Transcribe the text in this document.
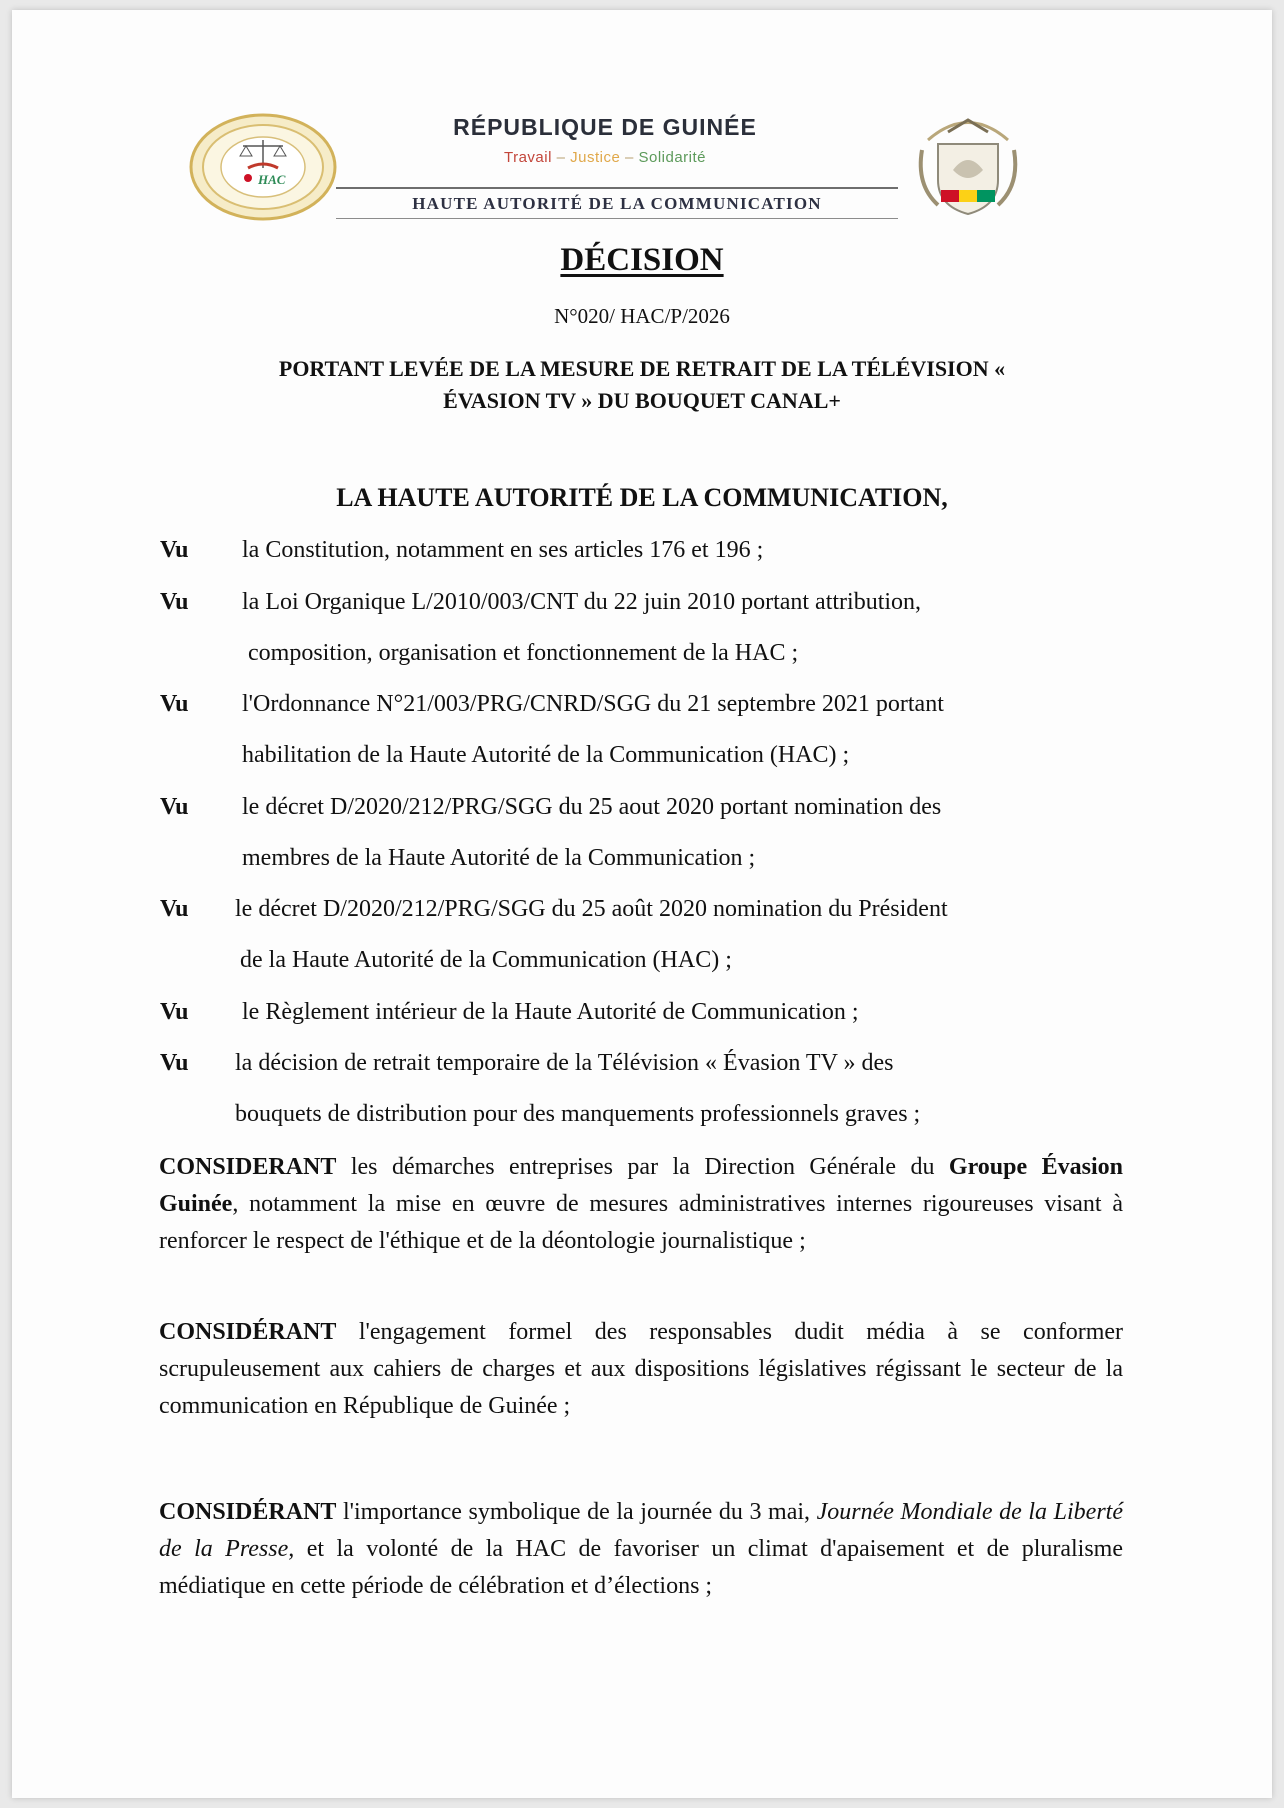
HAC
RÉPUBLIQUE DE GUINÉE
Travail – Justice – Solidarité
HAUTE AUTORITÉ DE LA COMMUNICATION
DÉCISION
N°020/ HAC/P/2026
PORTANT LEVÉE DE LA MESURE DE RETRAIT DE LA TÉLÉVISION «
ÉVASION TV » DU BOUQUET CANAL+
LA HAUTE AUTORITÉ DE LA COMMUNICATION,
Vu la Constitution, notamment en ses articles 176 et 196 ;
Vu la Loi Organique L/2010/003/CNT du 22 juin 2010 portant attribution,
composition, organisation et fonctionnement de la HAC ;
Vu l'Ordonnance N°21/003/PRG/CNRD/SGG du 21 septembre 2021 portant
habilitation de la Haute Autorité de la Communication (HAC) ;
Vu le décret D/2020/212/PRG/SGG du 25 aout 2020 portant nomination des
membres de la Haute Autorité de la Communication ;
Vu le décret D/2020/212/PRG/SGG du 25 août 2020 nomination du Président
de la Haute Autorité de la Communication (HAC) ;
Vu le Règlement intérieur de la Haute Autorité de Communication ;
Vu la décision de retrait temporaire de la Télévision « Évasion TV » des
bouquets de distribution pour des manquements professionnels graves ;
CONSIDERANT les démarches entreprises par la Direction Générale du Groupe Évasion Guinée, notamment la mise en œuvre de mesures administratives internes rigoureuses visant à renforcer le respect de l'éthique et de la déontologie journalistique ;
CONSIDÉRANT l'engagement formel des responsables dudit média à se conformer scrupuleusement aux cahiers de charges et aux dispositions législatives régissant le secteur de la communication en République de Guinée ;
CONSIDÉRANT l'importance symbolique de la journée du 3 mai, Journée Mondiale de la Liberté de la Presse, et la volonté de la HAC de favoriser un climat d'apaisement et de pluralisme médiatique en cette période de célébration et d’élections ;
